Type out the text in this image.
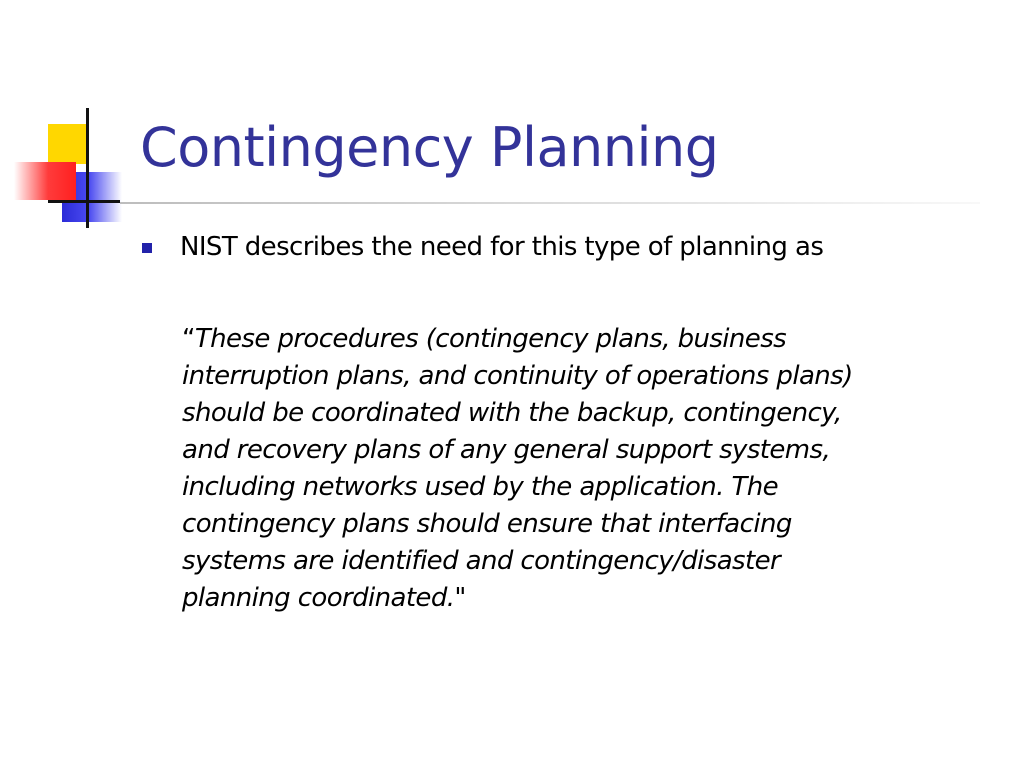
Contingency Planning
NIST describes the need for this type of planning as
“These procedures (contingency plans, business
interruption plans, and continuity of operations plans)
should be coordinated with the backup, contingency,
and recovery plans of any general support systems,
including networks used by the application. The
contingency plans should ensure that interfacing
systems are identified and contingency/disaster
planning coordinated."
